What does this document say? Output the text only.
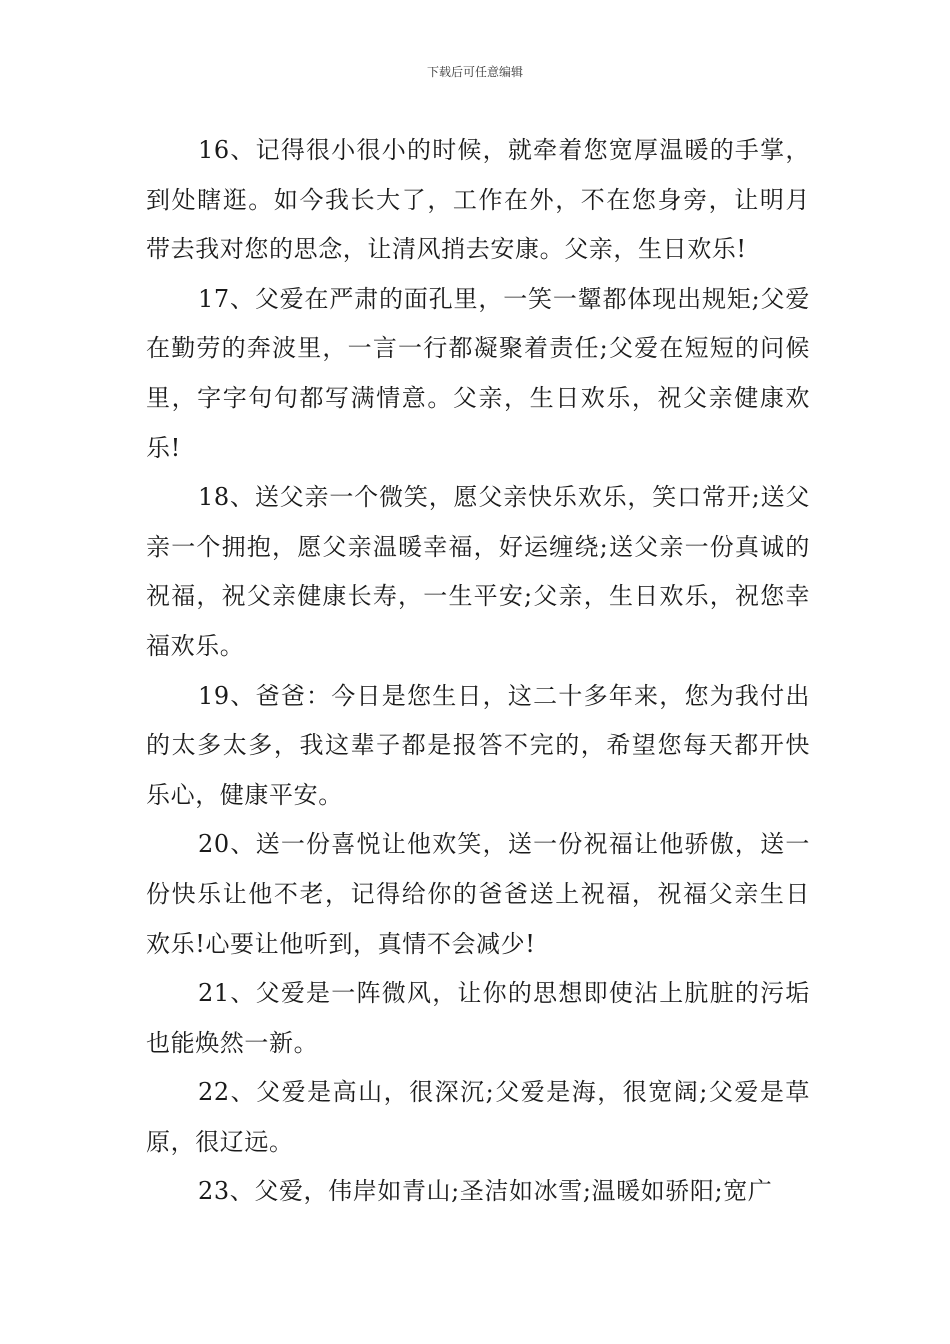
下载后可任意编辑

16、记得很小很小的时候，就牵着您宽厚温暖的手掌，到处瞎逛。如今我长大了，工作在外，不在您身旁，让明月带去我对您的思念，让清风捎去安康。父亲，生日欢乐!

17、父爱在严肃的面孔里，一笑一颦都体现出规矩;父爱在勤劳的奔波里，一言一行都凝聚着责任;父爱在短短的问候里，字字句句都写满情意。父亲，生日欢乐，祝父亲健康欢乐!

18、送父亲一个微笑，愿父亲快乐欢乐，笑口常开;送父亲一个拥抱，愿父亲温暖幸福，好运缠绕;送父亲一份真诚的祝福，祝父亲健康长寿，一生平安;父亲，生日欢乐，祝您幸福欢乐。

19、爸爸：今日是您生日，这二十多年来，您为我付出的太多太多，我这辈子都是报答不完的，希望您每天都开快乐心，健康平安。

20、送一份喜悦让他欢笑，送一份祝福让他骄傲，送一份快乐让他不老，记得给你的爸爸送上祝福，祝福父亲生日欢乐!心要让他听到，真情不会减少!

21、父爱是一阵微风，让你的思想即使沾上肮脏的污垢也能焕然一新。

22、父爱是高山，很深沉;父爱是海，很宽阔;父爱是草原，很辽远。

23、父爱，伟岸如青山;圣洁如冰雪;温暖如骄阳;宽广
